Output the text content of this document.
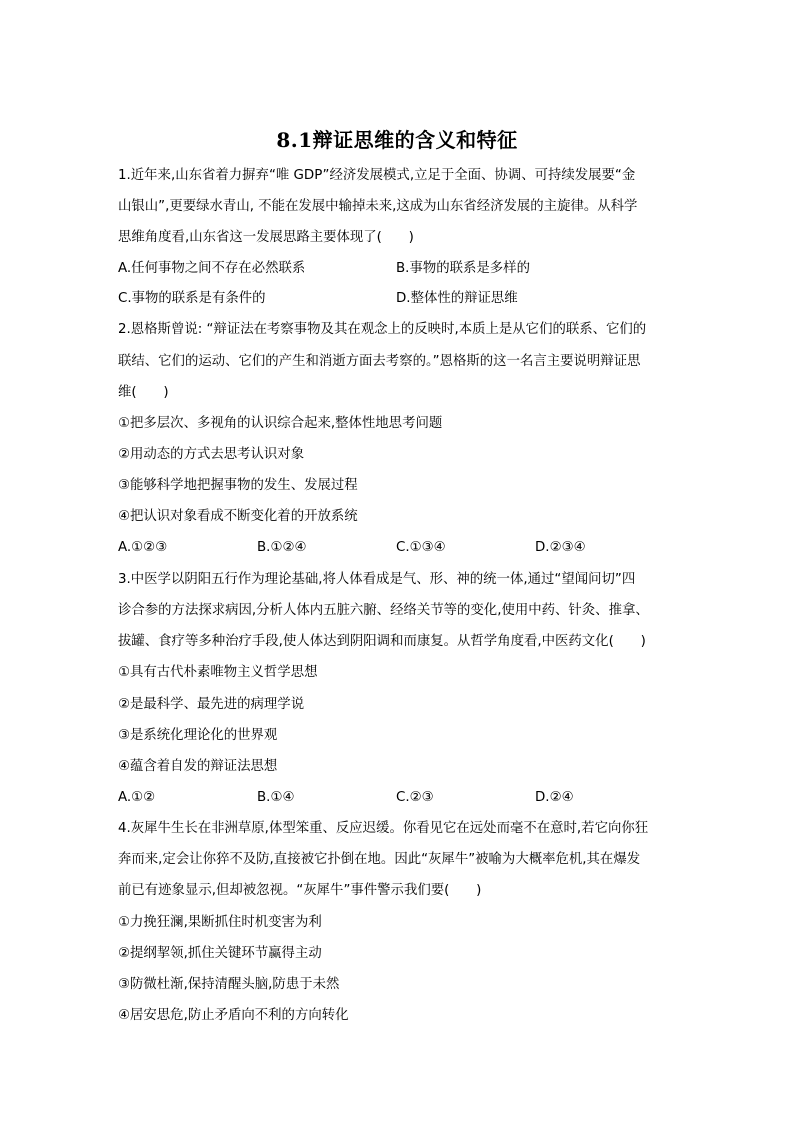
8.1辩证思维的含义和特征
1.近年来,山东省着力摒弃“唯 GDP”经济发展模式,立足于全面、协调、可持续发展要“金
山银山”,更要绿水青山, 不能在发展中输掉未来,这成为山东省经济发展的主旋律。从科学
思维角度看,山东省这一发展思路主要体现了(　　)
A.任何事物之间不存在必然联系	B.事物的联系是多样的
C.事物的联系是有条件的	D.整体性的辩证思维
2.恩格斯曾说: “辩证法在考察事物及其在观念上的反映时,本质上是从它们的联系、它们的
联结、它们的运动、它们的产生和消逝方面去考察的。”恩格斯的这一名言主要说明辩证思
维(　　)
①把多层次、多视角的认识综合起来,整体性地思考问题
②用动态的方式去思考认识对象
③能够科学地把握事物的发生、发展过程
④把认识对象看成不断变化着的开放系统
A.①②③	B.①②④	C.①③④	D.②③④
3.中医学以阴阳五行作为理论基础,将人体看成是气、形、神的统一体,通过“望闻问切”四
诊合参的方法探求病因,分析人体内五脏六腑、经络关节等的变化,使用中药、针灸、推拿、
拔罐、食疗等多种治疗手段,使人体达到阴阳调和而康复。从哲学角度看,中医药文化(　　)
①具有古代朴素唯物主义哲学思想
②是最科学、最先进的病理学说
③是系统化理论化的世界观
④蕴含着自发的辩证法思想
A.①②	B.①④	C.②③	D.②④
4.灰犀牛生长在非洲草原,体型笨重、反应迟缓。你看见它在远处而毫不在意时,若它向你狂
奔而来,定会让你猝不及防,直接被它扑倒在地。因此“灰犀牛”被喻为大概率危机,其在爆发
前已有迹象显示,但却被忽视。“灰犀牛”事件警示我们要(　　)
①力挽狂澜,果断抓住时机变害为利
②提纲挈领,抓住关键环节赢得主动
③防微杜渐,保持清醒头脑,防患于未然
④居安思危,防止矛盾向不利的方向转化
